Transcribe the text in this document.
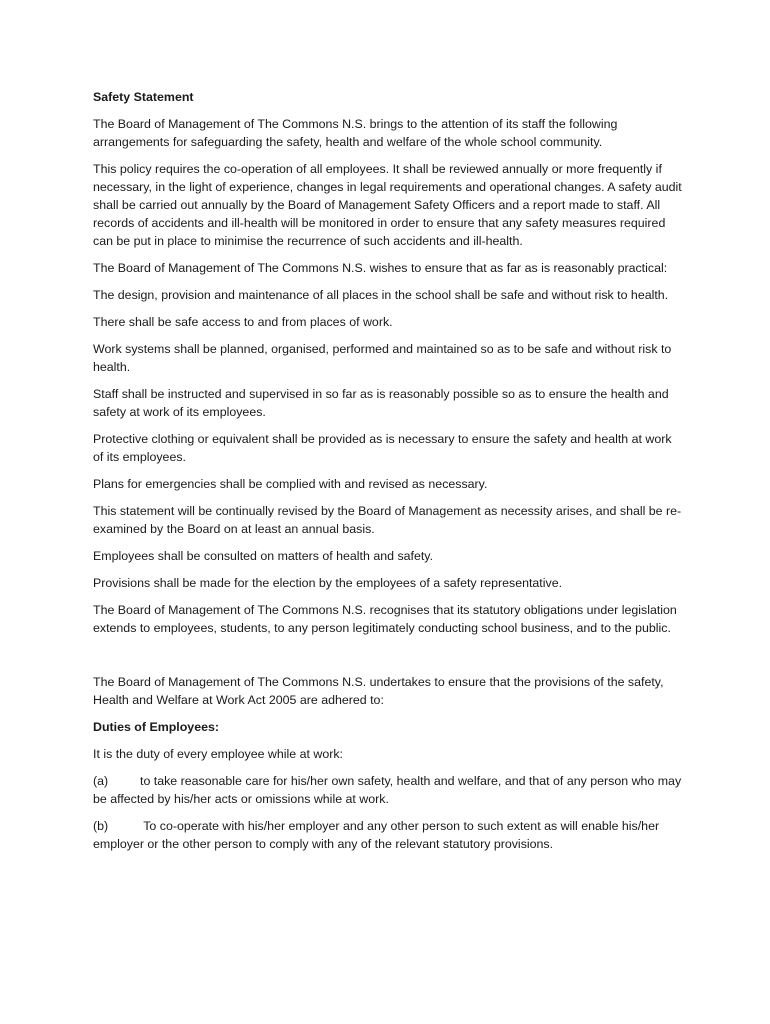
Safety Statement

The Board of Management of The Commons N.S. brings to the attention of its staff the following arrangements for safeguarding the safety, health and welfare of the whole school community.

This policy requires the co-operation of all employees. It shall be reviewed annually or more frequently if necessary, in the light of experience, changes in legal requirements and operational changes. A safety audit shall be carried out annually by the Board of Management Safety Officers and a report made to staff. All records of accidents and ill-health will be monitored in order to ensure that any safety measures required can be put in place to minimise the recurrence of such accidents and ill-health.

The Board of Management of The Commons N.S. wishes to ensure that as far as is reasonably practical:

The design, provision and maintenance of all places in the school shall be safe and without risk to health.

There shall be safe access to and from places of work.

Work systems shall be planned, organised, performed and maintained so as to be safe and without risk to health.

Staff shall be instructed and supervised in so far as is reasonably possible so as to ensure the health and safety at work of its employees.

Protective clothing or equivalent shall be provided as is necessary to ensure the safety and health at work of its employees.

Plans for emergencies shall be complied with and revised as necessary.

This statement will be continually revised by the Board of Management as necessity arises, and shall be re-examined by the Board on at least an annual basis.

Employees shall be consulted on matters of health and safety.

Provisions shall be made for the election by the employees of a safety representative.

The Board of Management of The Commons N.S. recognises that its statutory obligations under legislation extends to employees, students, to any person legitimately conducting school business, and to the public.

The Board of Management of The Commons N.S. undertakes to ensure that the provisions of the safety, Health and Welfare at Work Act 2005 are adhered to:

Duties of Employees:

It is the duty of every employee while at work:

(a)	to take reasonable care for his/her own safety, health and welfare, and that of any person who may be affected by his/her acts or omissions while at work.

(b)	To co-operate with his/her employer and any other person to such extent as will enable his/her employer or the other person to comply with any of the relevant statutory provisions.
